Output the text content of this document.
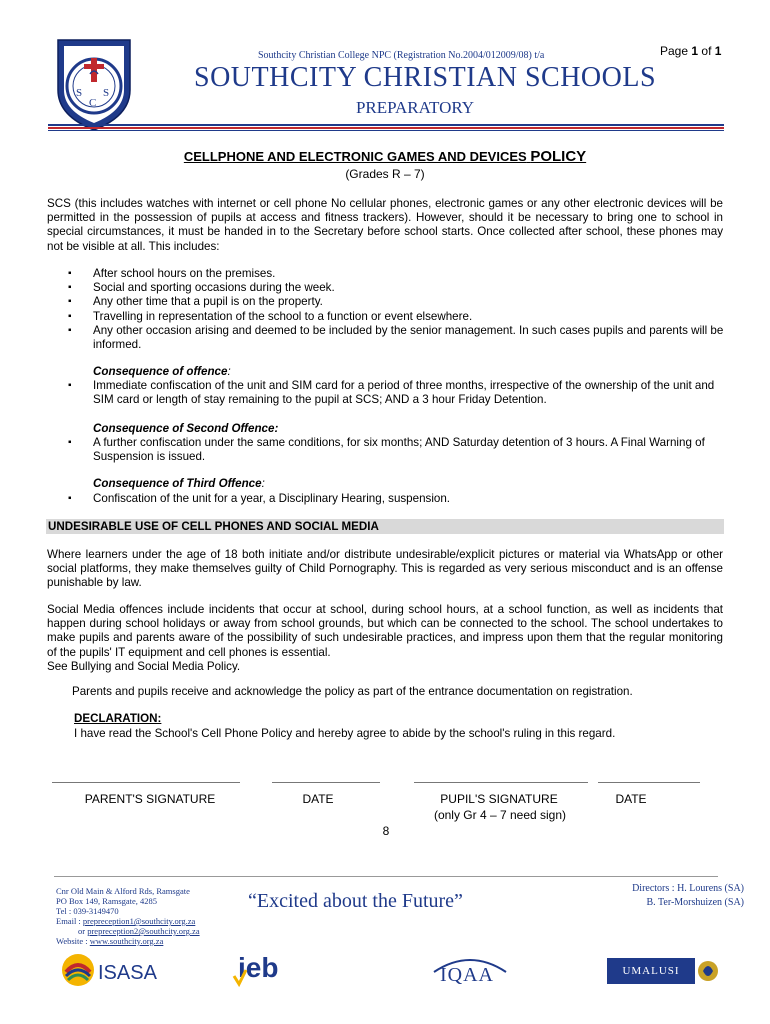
S
C
S
Southcity Christian College NPC (Registration No.2004/012009/08) t/a	Page 1 of 1
SOUTHCITY CHRISTIAN SCHOOLS
PREPARATORY
CELLPHONE AND ELECTRONIC GAMES AND DEVICES POLICY
(Grades R – 7)
SCS (this includes watches with internet or cell phone No cellular phones, electronic games or any other electronic devices will be permitted in the possession of pupils at access and fitness trackers). However, should it be necessary to bring one to school in special circumstances, it must be handed in to the Secretary before school starts. Once collected after school, these phones may not be visible at all. This includes:
▪ After school hours on the premises.
▪ Social and sporting occasions during the week.
▪ Any other time that a pupil is on the property.
▪ Travelling in representation of the school to a function or event elsewhere.
▪ Any other occasion arising and deemed to be included by the senior management. In such cases pupils and parents will be informed.
Consequence of offence:
▪ Immediate confiscation of the unit and SIM card for a period of three months, irrespective of the ownership of the unit and SIM card or length of stay remaining to the pupil at SCS; AND a 3 hour Friday Detention.
Consequence of Second Offence:
▪ A further confiscation under the same conditions, for six months; AND Saturday detention of 3 hours. A Final Warning of Suspension is issued.
Consequence of Third Offence:
▪ Confiscation of the unit for a year, a Disciplinary Hearing, suspension.
UNDESIRABLE USE OF CELL PHONES AND SOCIAL MEDIA
Where learners under the age of 18 both initiate and/or distribute undesirable/explicit pictures or material via WhatsApp or other social platforms, they make themselves guilty of Child Pornography. This is regarded as very serious misconduct and is an offense punishable by law.
Social Media offences include incidents that occur at school, during school hours, at a school function, as well as incidents that happen during school holidays or away from school grounds, but which can be connected to the school. The school undertakes to make pupils and parents aware of the possibility of such undesirable practices, and impress upon them that the regular monitoring of the pupils' IT equipment and cell phones is essential.
See Bullying and Social Media Policy.
Parents and pupils receive and acknowledge the policy as part of the entrance documentation on registration.
DECLARATION:
I have read the School's Cell Phone Policy and hereby agree to abide by the school's ruling in this regard.
PARENT'S SIGNATURE	DATE	PUPIL'S SIGNATURE	DATE
(only Gr 4 – 7 need sign)
8
Cnr Old Main & Alford Rds, Ramsgate
PO Box 149, Ramsgate, 4285
Tel : 039-3149470
Email : prepreception1@southcity.org.za
or prepreception2@southcity.org.za
Website : www.southcity.org.za
“Excited about the Future”
Directors : H. Lourens (SA)
B. Ter-Morshuizen (SA)
ISASA	ieb	IQAA	UMALUSI
